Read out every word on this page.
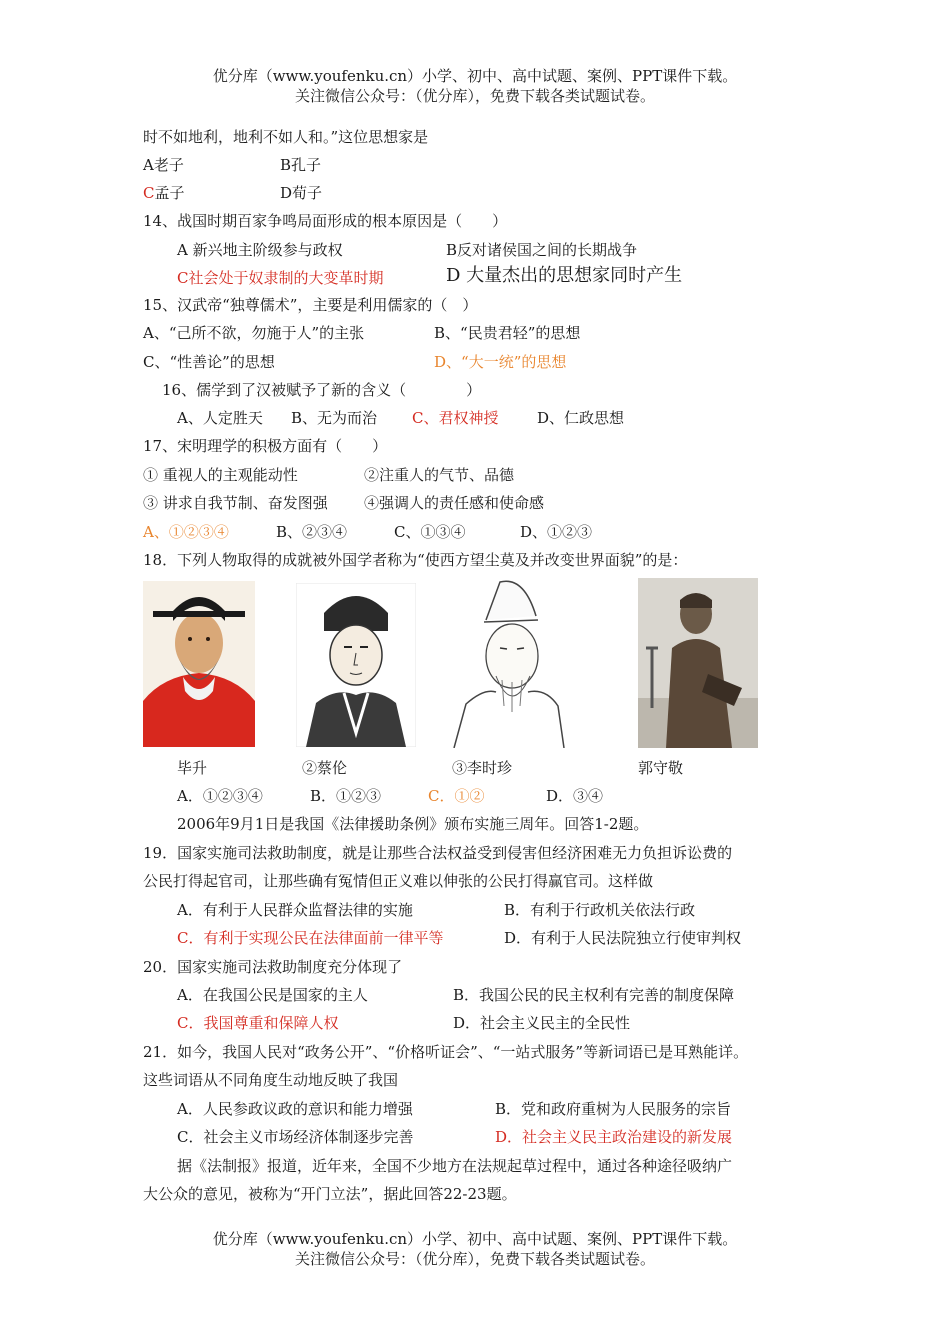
优分库（www.youfenku.cn）小学、初中、高中试题、案例、PPT课件下载。
关注微信公众号：（优分库），免费下载各类试题试卷。
时不如地利，地利不如人和。”这位思想家是
A老子	B孔子
C孟子	D荀子
14、战国时期百家争鸣局面形成的根本原因是（　　）
A 新兴地主阶级参与政权	B反对诸侯国之间的长期战争
C社会处于奴隶制的大变革时期	D 大量杰出的思想家同时产生
15、汉武帝“独尊儒术”，主要是利用儒家的（　）
A、“己所不欲，勿施于人”的主张	B、“民贵君轻”的思想
C、“性善论”的思想	D、“大一统”的思想
16、儒学到了汉被赋予了新的含义（　　　　）
A、人定胜天 B、无为而治 C、君权神授	D、仁政思想
17、宋明理学的积极方面有（　　）
① 重视人的主观能动性	②注重人的气节、品德
③ 讲求自我节制、奋发图强 ④强调人的责任感和使命感
A、①②③④	B、②③④	C、①③④	D、①②③
18．下列人物取得的成就被外国学者称为“使西方望尘莫及并改变世界面貌”的是：
毕升	②蔡伦	③李时珍	郭守敬
A．①②③④	B．①②③	C．①②	D．③④
2006年9月1日是我国《法律援助条例》颁布实施三周年。回答1-2题。
19．国家实施司法救助制度，就是让那些合法权益受到侵害但经济困难无力负担诉讼费的
公民打得起官司，让那些确有冤情但正义难以伸张的公民打得赢官司。这样做
A．有利于人民群众监督法律的实施	B．有利于行政机关依法行政
C．有利于实现公民在法律面前一律平等	D．有利于人民法院独立行使审判权
20．国家实施司法救助制度充分体现了
A．在我国公民是国家的主人	B．我国公民的民主权利有完善的制度保障
C．我国尊重和保障人权	D．社会主义民主的全民性
21．如今，我国人民对“政务公开”、“价格听证会”、“一站式服务”等新词语已是耳熟能详。
这些词语从不同角度生动地反映了我国
A．人民参政议政的意识和能力增强	B．党和政府重树为人民服务的宗旨
C．社会主义市场经济体制逐步完善	D．社会主义民主政治建设的新发展
据《法制报》报道，近年来，全国不少地方在法规起草过程中，通过各种途径吸纳广
大公众的意见，被称为“开门立法”，据此回答22-23题。
优分库（www.youfenku.cn）小学、初中、高中试题、案例、PPT课件下载。
关注微信公众号：（优分库），免费下载各类试题试卷。
